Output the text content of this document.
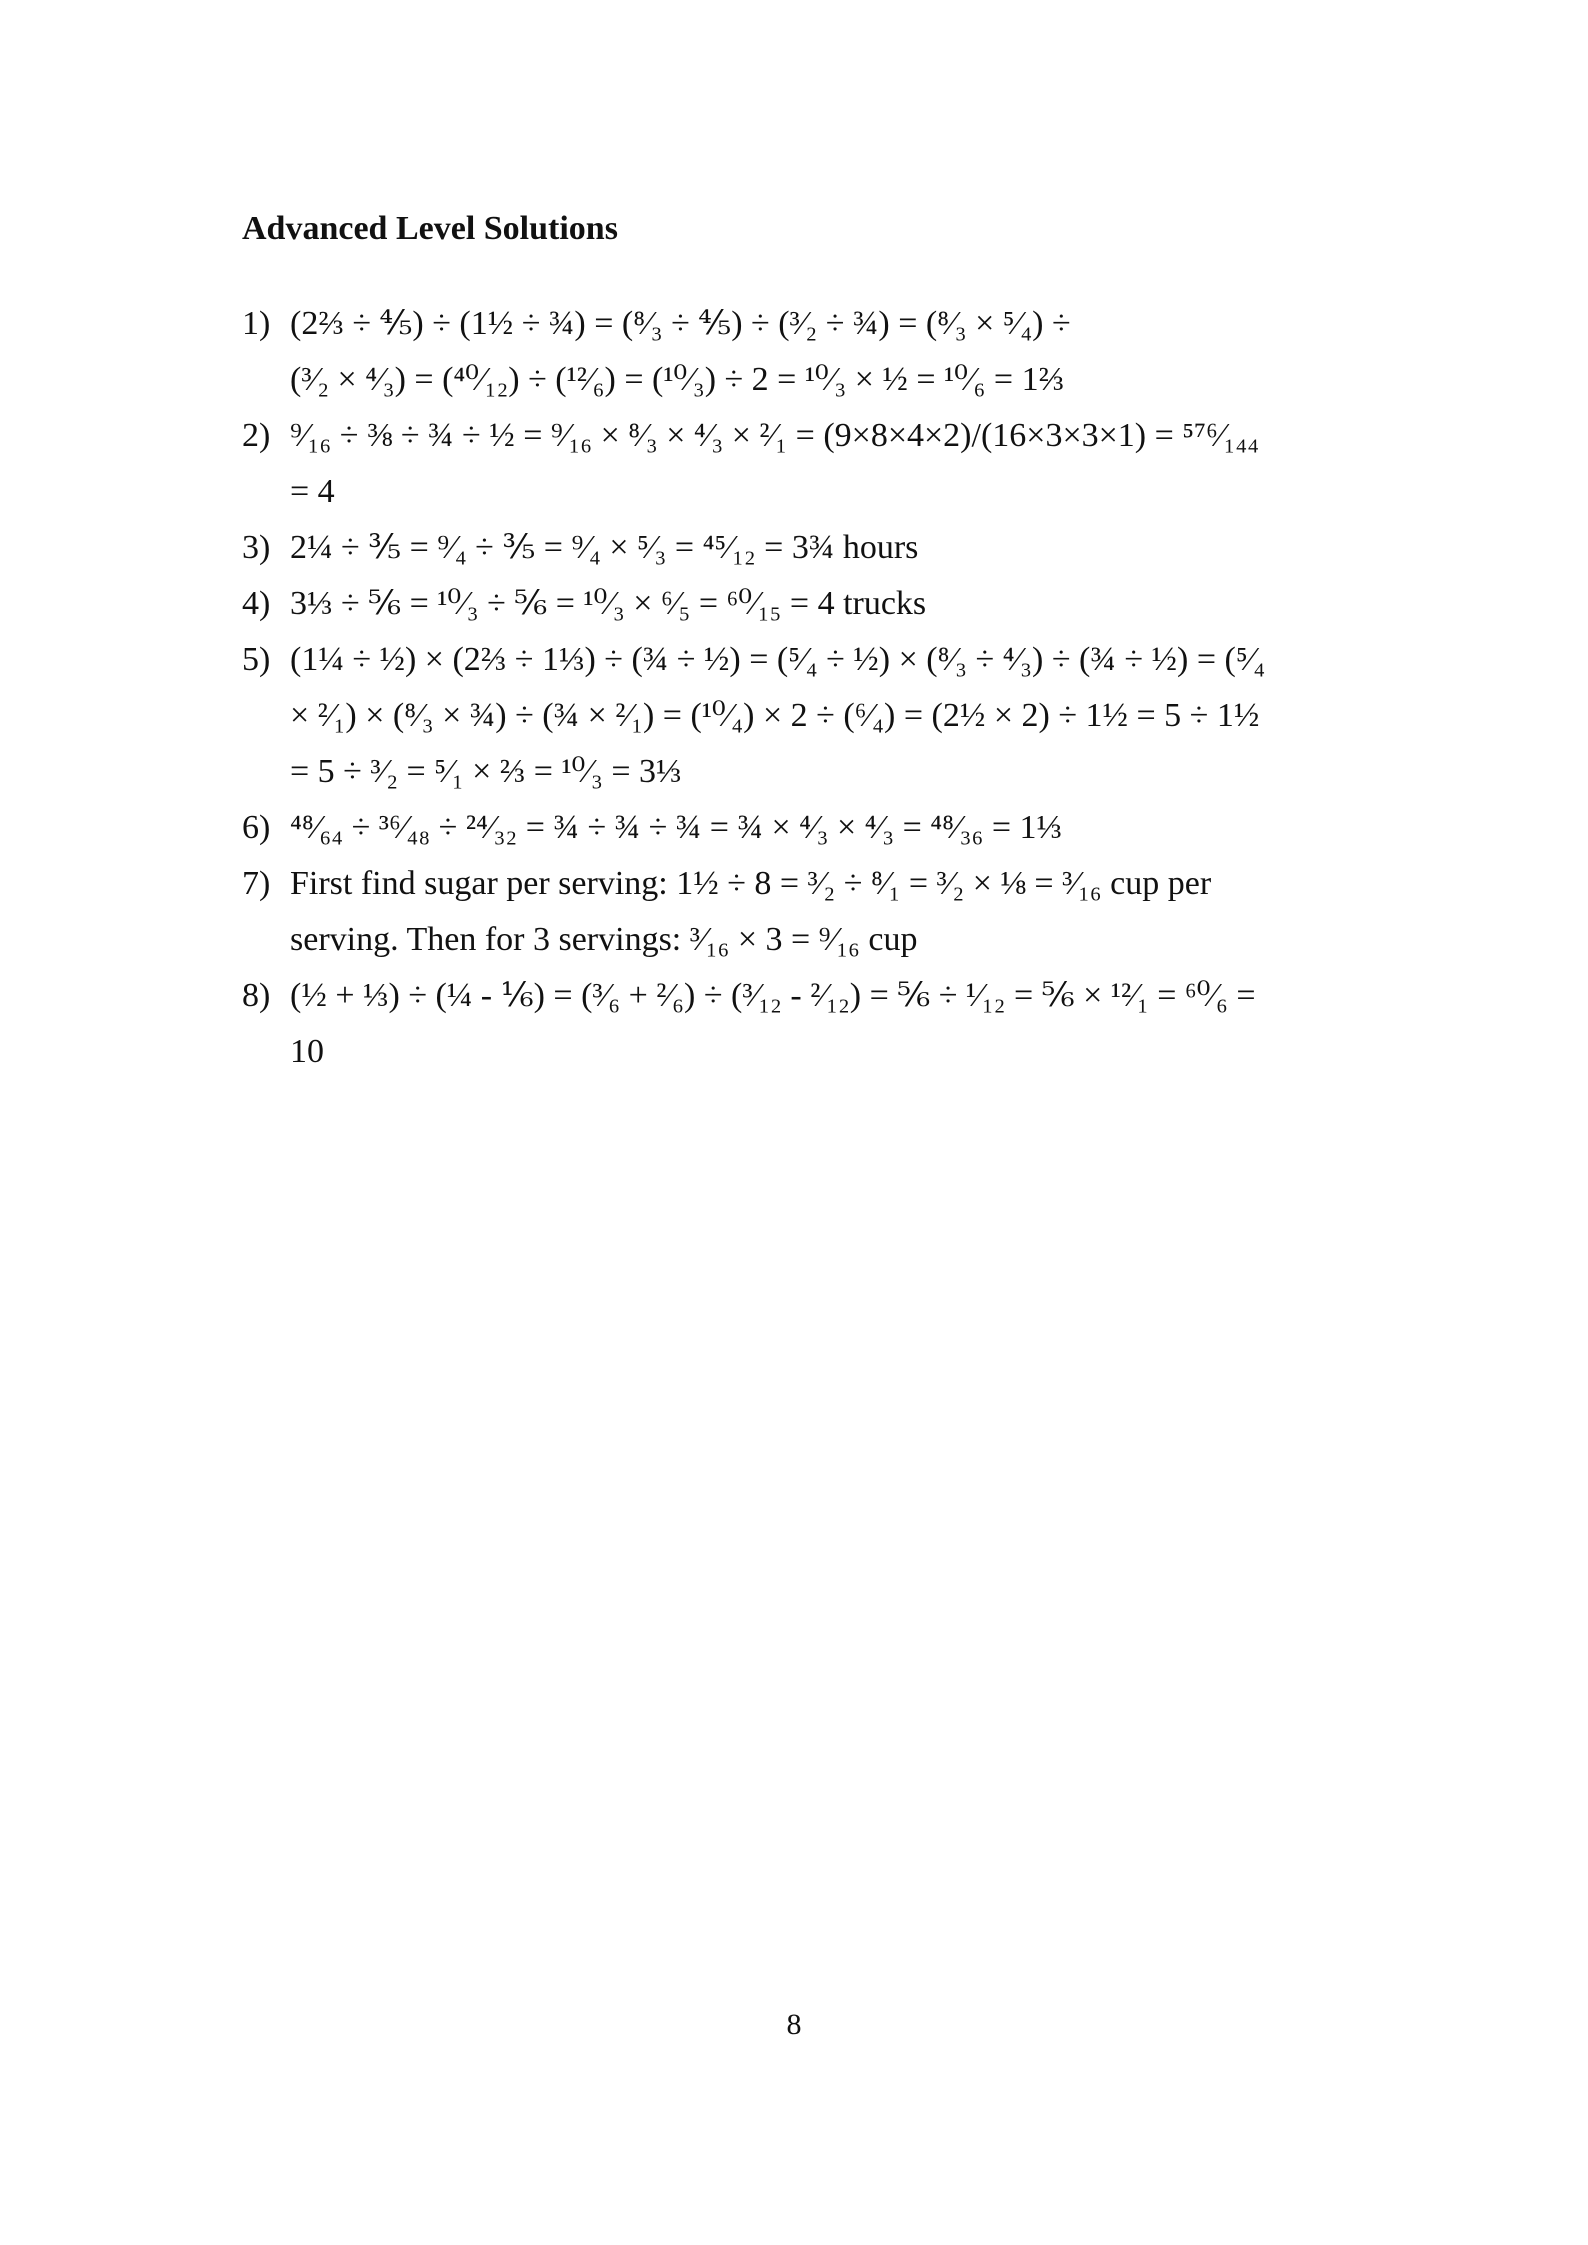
Advanced Level Solutions
1) (2⅔ ÷ ⅘) ÷ (1½ ÷ ¾) = (⁸⁄₃ ÷ ⅘) ÷ (³⁄₂ ÷ ¾) = (⁸⁄₃ × ⁵⁄₄) ÷
(³⁄₂ × ⁴⁄₃) = (⁴⁰⁄₁₂) ÷ (¹²⁄₆) = (¹⁰⁄₃) ÷ 2 = ¹⁰⁄₃ × ½ = ¹⁰⁄₆ = 1⅔
2) ⁹⁄₁₆ ÷ ⅜ ÷ ¾ ÷ ½ = ⁹⁄₁₆ × ⁸⁄₃ × ⁴⁄₃ × ²⁄₁ = (9×8×4×2)/(16×3×3×1) = ⁵⁷⁶⁄₁₄₄
= 4
3) 2¼ ÷ ⅗ = ⁹⁄₄ ÷ ⅗ = ⁹⁄₄ × ⁵⁄₃ = ⁴⁵⁄₁₂ = 3¾ hours
4) 3⅓ ÷ ⅚ = ¹⁰⁄₃ ÷ ⅚ = ¹⁰⁄₃ × ⁶⁄₅ = ⁶⁰⁄₁₅ = 4 trucks
5) (1¼ ÷ ½) × (2⅔ ÷ 1⅓) ÷ (¾ ÷ ½) = (⁵⁄₄ ÷ ½) × (⁸⁄₃ ÷ ⁴⁄₃) ÷ (¾ ÷ ½) = (⁵⁄₄
× ²⁄₁) × (⁸⁄₃ × ¾) ÷ (¾ × ²⁄₁) = (¹⁰⁄₄) × 2 ÷ (⁶⁄₄) = (2½ × 2) ÷ 1½ = 5 ÷ 1½
= 5 ÷ ³⁄₂ = ⁵⁄₁ × ⅔ = ¹⁰⁄₃ = 3⅓
6) ⁴⁸⁄₆₄ ÷ ³⁶⁄₄₈ ÷ ²⁴⁄₃₂ = ¾ ÷ ¾ ÷ ¾ = ¾ × ⁴⁄₃ × ⁴⁄₃ = ⁴⁸⁄₃₆ = 1⅓
7) First find sugar per serving: 1½ ÷ 8 = ³⁄₂ ÷ ⁸⁄₁ = ³⁄₂ × ⅛ = ³⁄₁₆ cup per
serving. Then for 3 servings: ³⁄₁₆ × 3 = ⁹⁄₁₆ cup
8) (½ + ⅓) ÷ (¼ - ⅙) = (³⁄₆ + ²⁄₆) ÷ (³⁄₁₂ - ²⁄₁₂) = ⅚ ÷ ¹⁄₁₂ = ⅚ × ¹²⁄₁ = ⁶⁰⁄₆ =
10
8
